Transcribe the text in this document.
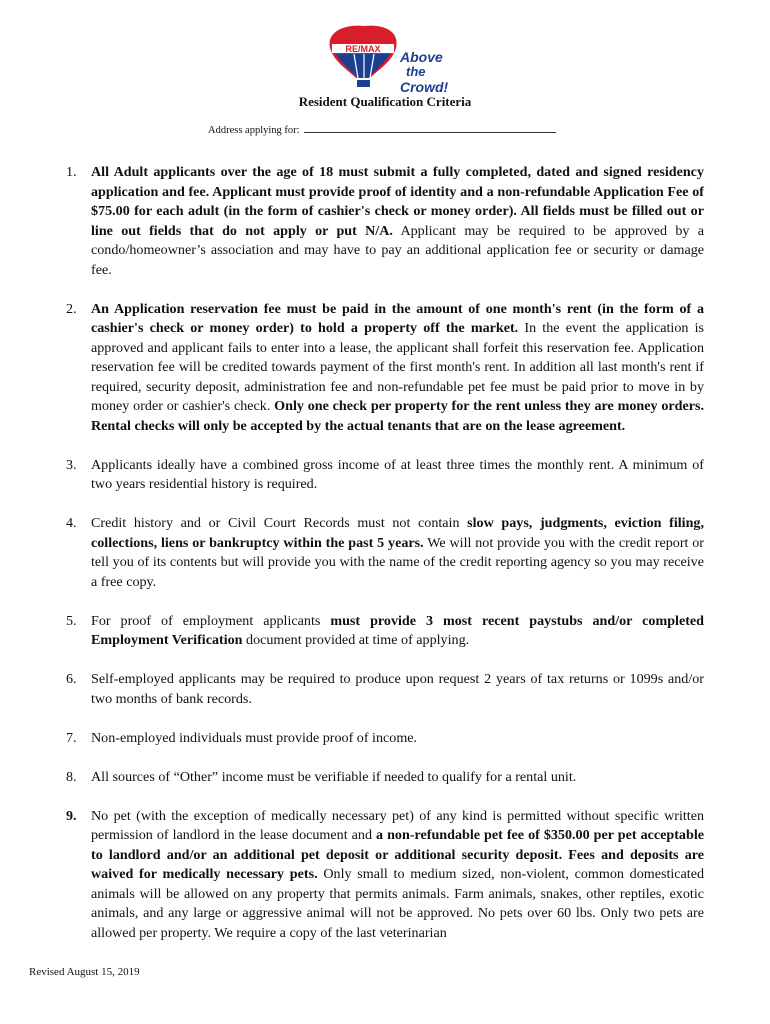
RE/MAX Above
the
Crowd!
Resident Qualification Criteria
Address applying for:
1.	All Adult applicants over the age of 18 must submit a fully completed, dated and signed residency application and fee. Applicant must provide proof of identity and a non-refundable Application Fee of $75.00 for each adult (in the form of cashier's check or money order). All fields must be filled out or line out fields that do not apply or put N/A. Applicant may be required to be approved by a condo/homeowner’s association and may have to pay an additional application fee or security or damage fee.
2.	An Application reservation fee must be paid in the amount of one month's rent (in the form of a cashier's check or money order) to hold a property off the market. In the event the application is approved and applicant fails to enter into a lease, the applicant shall forfeit this reservation fee. Application reservation fee will be credited towards payment of the first month's rent. In addition all last month's rent if required, security deposit, administration fee and non-refundable pet fee must be paid prior to move in by money order or cashier's check. Only one check per property for the rent unless they are money orders. Rental checks will only be accepted by the actual tenants that are on the lease agreement.
3.	Applicants ideally have a combined gross income of at least three times the monthly rent. A minimum of two years residential history is required.
4.	Credit history and or Civil Court Records must not contain slow pays, judgments, eviction filing, collections, liens or bankruptcy within the past 5 years. We will not provide you with the credit report or tell you of its contents but will provide you with the name of the credit reporting agency so you may receive a free copy.
5.	For proof of employment applicants must provide 3 most recent paystubs and/or completed Employment Verification document provided at time of applying.
6.	Self-employed applicants may be required to produce upon request 2 years of tax returns or 1099s and/or two months of bank records.
7.	Non-employed individuals must provide proof of income.
8.	All sources of “Other” income must be verifiable if needed to qualify for a rental unit.
9.	No pet (with the exception of medically necessary pet) of any kind is permitted without specific written permission of landlord in the lease document and a non-refundable pet fee of $350.00 per pet acceptable to landlord and/or an additional pet deposit or additional security deposit. Fees and deposits are waived for medically necessary pets. Only small to medium sized, non-violent, common domesticated animals will be allowed on any property that permits animals. Farm animals, snakes, other reptiles, exotic animals, and any large or aggressive animal will not be approved. No pets over 60 lbs. Only two pets are allowed per property. We require a copy of the last veterinarian
Revised August 15, 2019
